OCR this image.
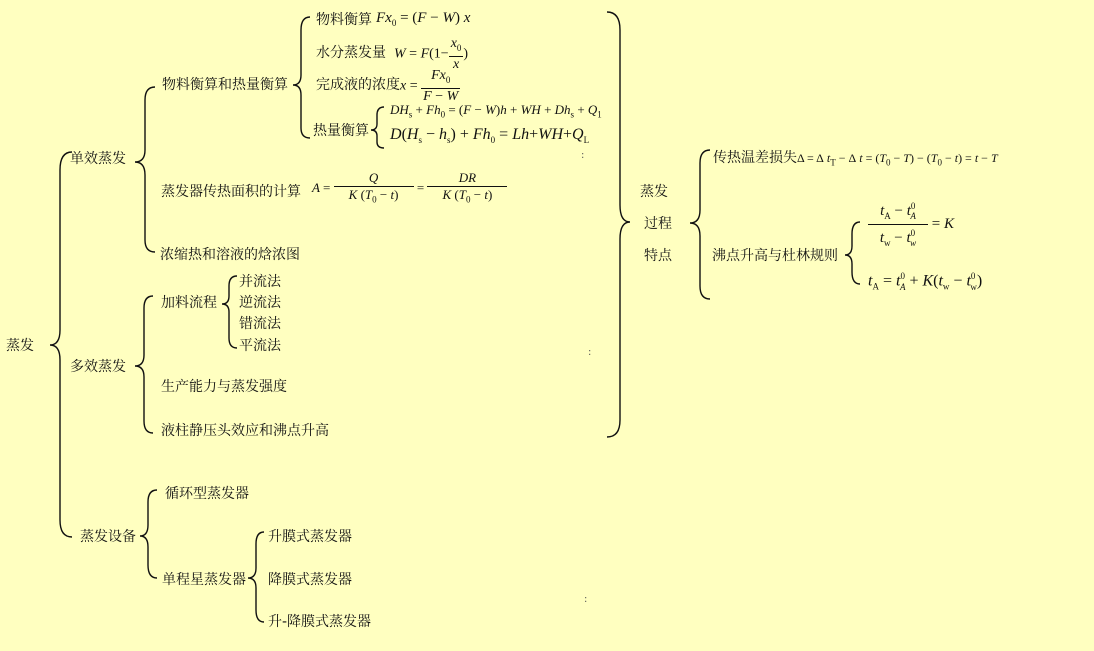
蒸发
单效蒸发
物料衡算和热量衡算
物料衡算 $Fx_0 = (F - W)$ x
水分蒸发量 $W = F(1- \frac{x_0}{x}$ )
完成液的浓度 $x = \frac{Fx_0}{F - W}$
热量衡算
$DH_s + Fh_0 = (F - W)h$ + WH + $Dh_s + Q_1$
$D(H_s - h_s) + Fh_0 = Lh+WH+Q_L$
蒸发器传热面积的计算 $A = \frac{Q}{K (T_0 - t)} = \frac{DR}{K (T_0 - t)}$
浓缩热和溶液的焓浓图
多效蒸发
加料流程
并流法
逆流法
错流法
平流法
生产能力与蒸发强度
液柱静压头效应和沸点升高
蒸发设备
循环型蒸发器
单程星蒸发器
升膜式蒸发器
降膜式蒸发器
升-降膜式蒸发器
蒸发
过程
特点
传热温差损失 Δ = Δ $t_T - \Delta$ $t = (T_0 - T) - (T_0 - t) = t - T$
沸点升高与杜林规则
$\frac{t_A - t^0_A}{t_w - t^0_w} = K$
$t_A = t^0_A + K(t_w - t^0_w)$
:
:
:
